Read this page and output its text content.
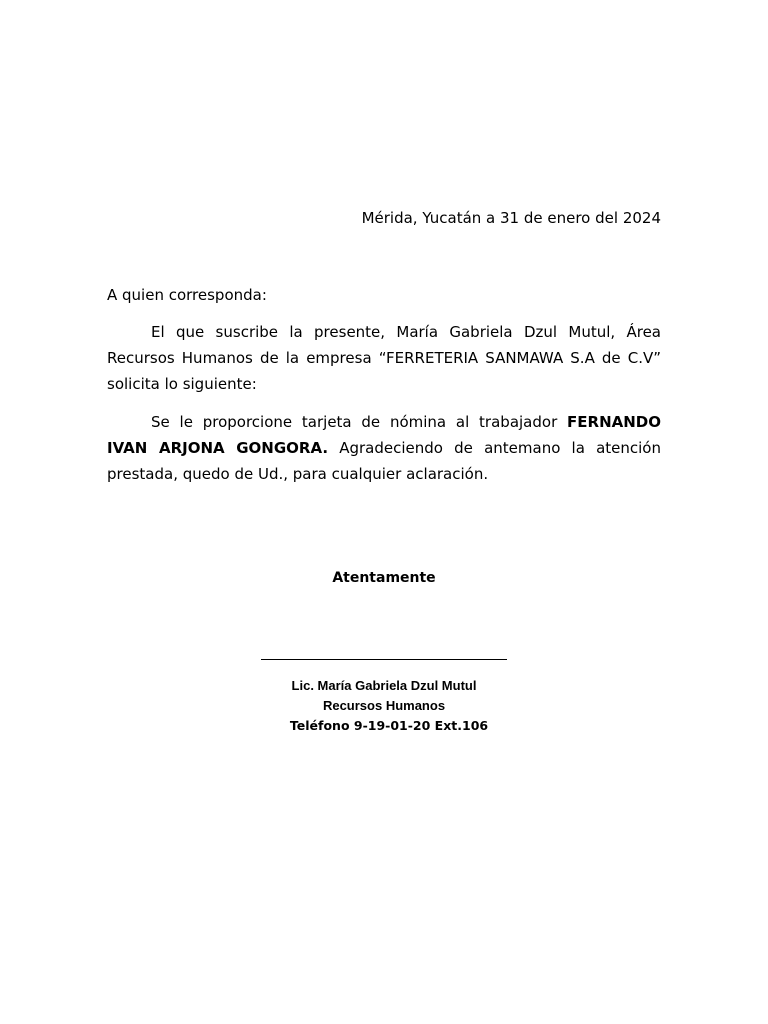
Mérida, Yucatán a 31 de enero del 2024
A quien corresponda:
El que suscribe la presente, María Gabriela Dzul Mutul, Área Recursos Humanos de la empresa “FERRETERIA SANMAWA S.A de C.V” solicita lo siguiente:
Se le proporcione tarjeta de nómina al trabajador FERNANDO IVAN ARJONA GONGORA. Agradeciendo de antemano la atención prestada, quedo de Ud., para cualquier aclaración.
Atentamente
Lic. María Gabriela Dzul Mutul
Recursos Humanos
Teléfono 9-19-01-20 Ext.106
